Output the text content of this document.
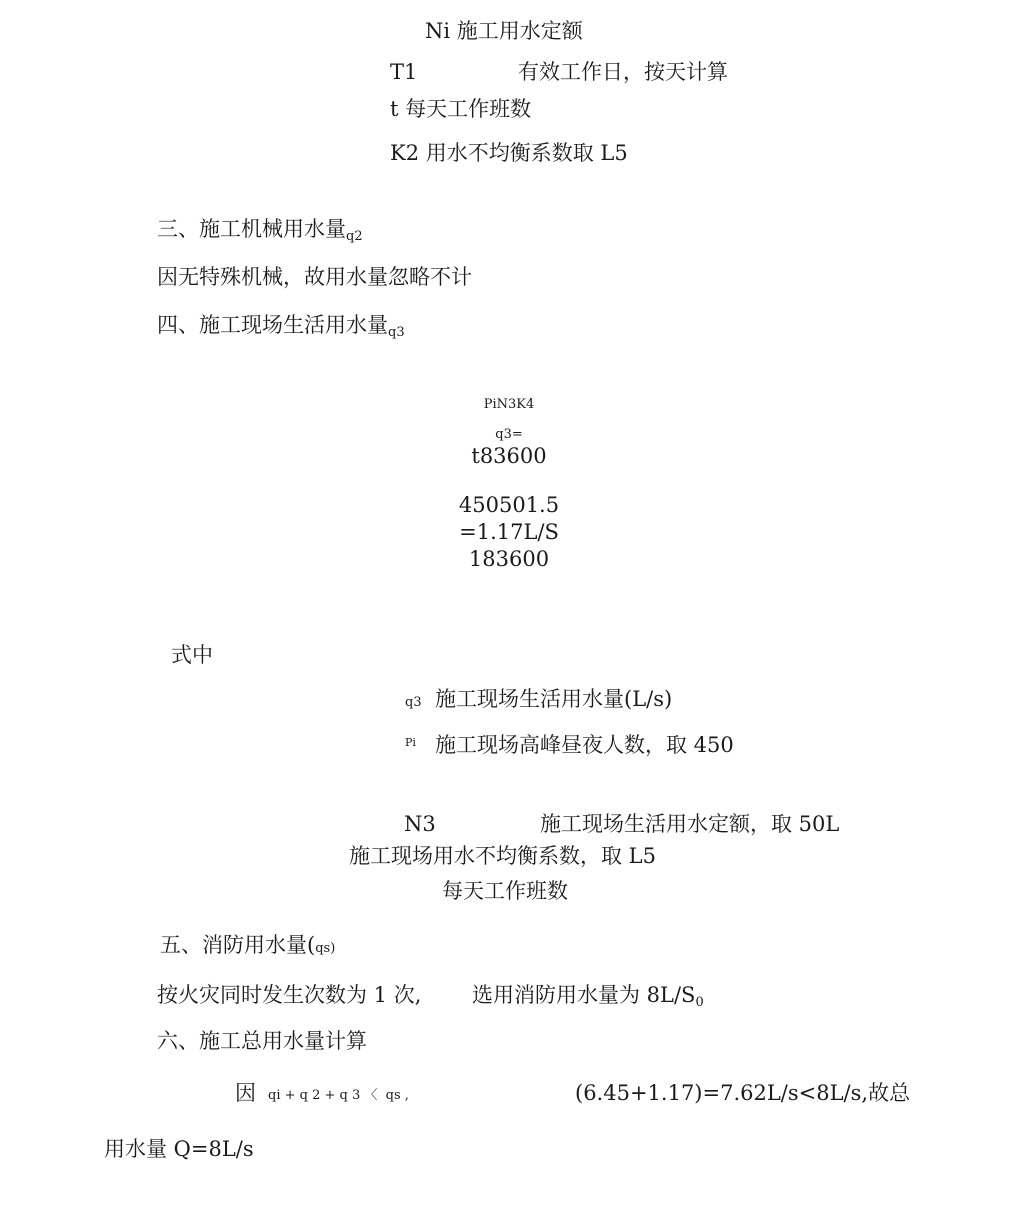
Ni 施工用水定额
T1	有效工作日，按天计算
t 每天工作班数
K2 用水不均衡系数取 L5
三、施工机械用水量$_{q2}$
因无特殊机械，故用水量忽略不计
四、施工现场生活用水量$_{q3}$
PiN3K4
q3=
t83600
450501.5
=1.17L/S
183600
式中
q3 施工现场生活用水量(L/s)
Pi 施工现场高峰昼夜人数，取 450
N3	施工现场生活用水定额，取 50L
施工现场用水不均衡系数，取 L5
每天工作班数
五、消防用水量(qs)
按火灾同时发生次数为 1 次, 选用消防用水量为 $8L/S_0$
六、施工总用水量计算
因 qi + q 2 + q 3 〈  qs ,	(6.45+1.17)=7.62L/s<8L/s,故总
用水量 Q=8L/s
